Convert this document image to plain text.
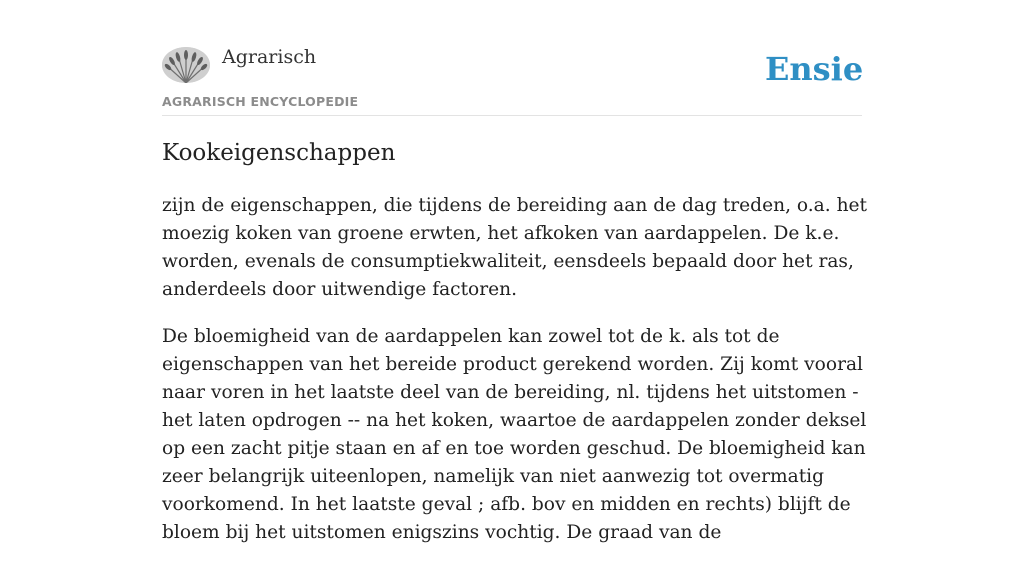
Agrarisch
AGRARISCH ENCYCLOPEDIE
Ensie
Kookeigenschappen

zijn de eigenschappen, die tijdens de bereiding aan de dag treden, o.a. het moezig koken van groene erwten, het afkoken van aardappelen. De k.e. worden, evenals de consumptiekwaliteit, eensdeels bepaald door het ras, anderdeels door uitwendige factoren.

De bloemigheid van de aardappelen kan zowel tot de k. als tot de eigenschappen van het bereide product gerekend worden. Zij komt vooral naar voren in het laatste deel van de bereiding, nl. tijdens het uitstomen - het laten opdrogen -- na het koken, waartoe de aardappelen zonder deksel op een zacht pitje staan en af en toe worden geschud. De bloemigheid kan zeer belangrijk uiteenlopen, namelijk van niet aanwezig tot overmatig voorkomend. In het laatste geval ; afb. bov en midden en rechts) blijft de bloem bij het uitstomen enigszins vochtig. De graad van de
